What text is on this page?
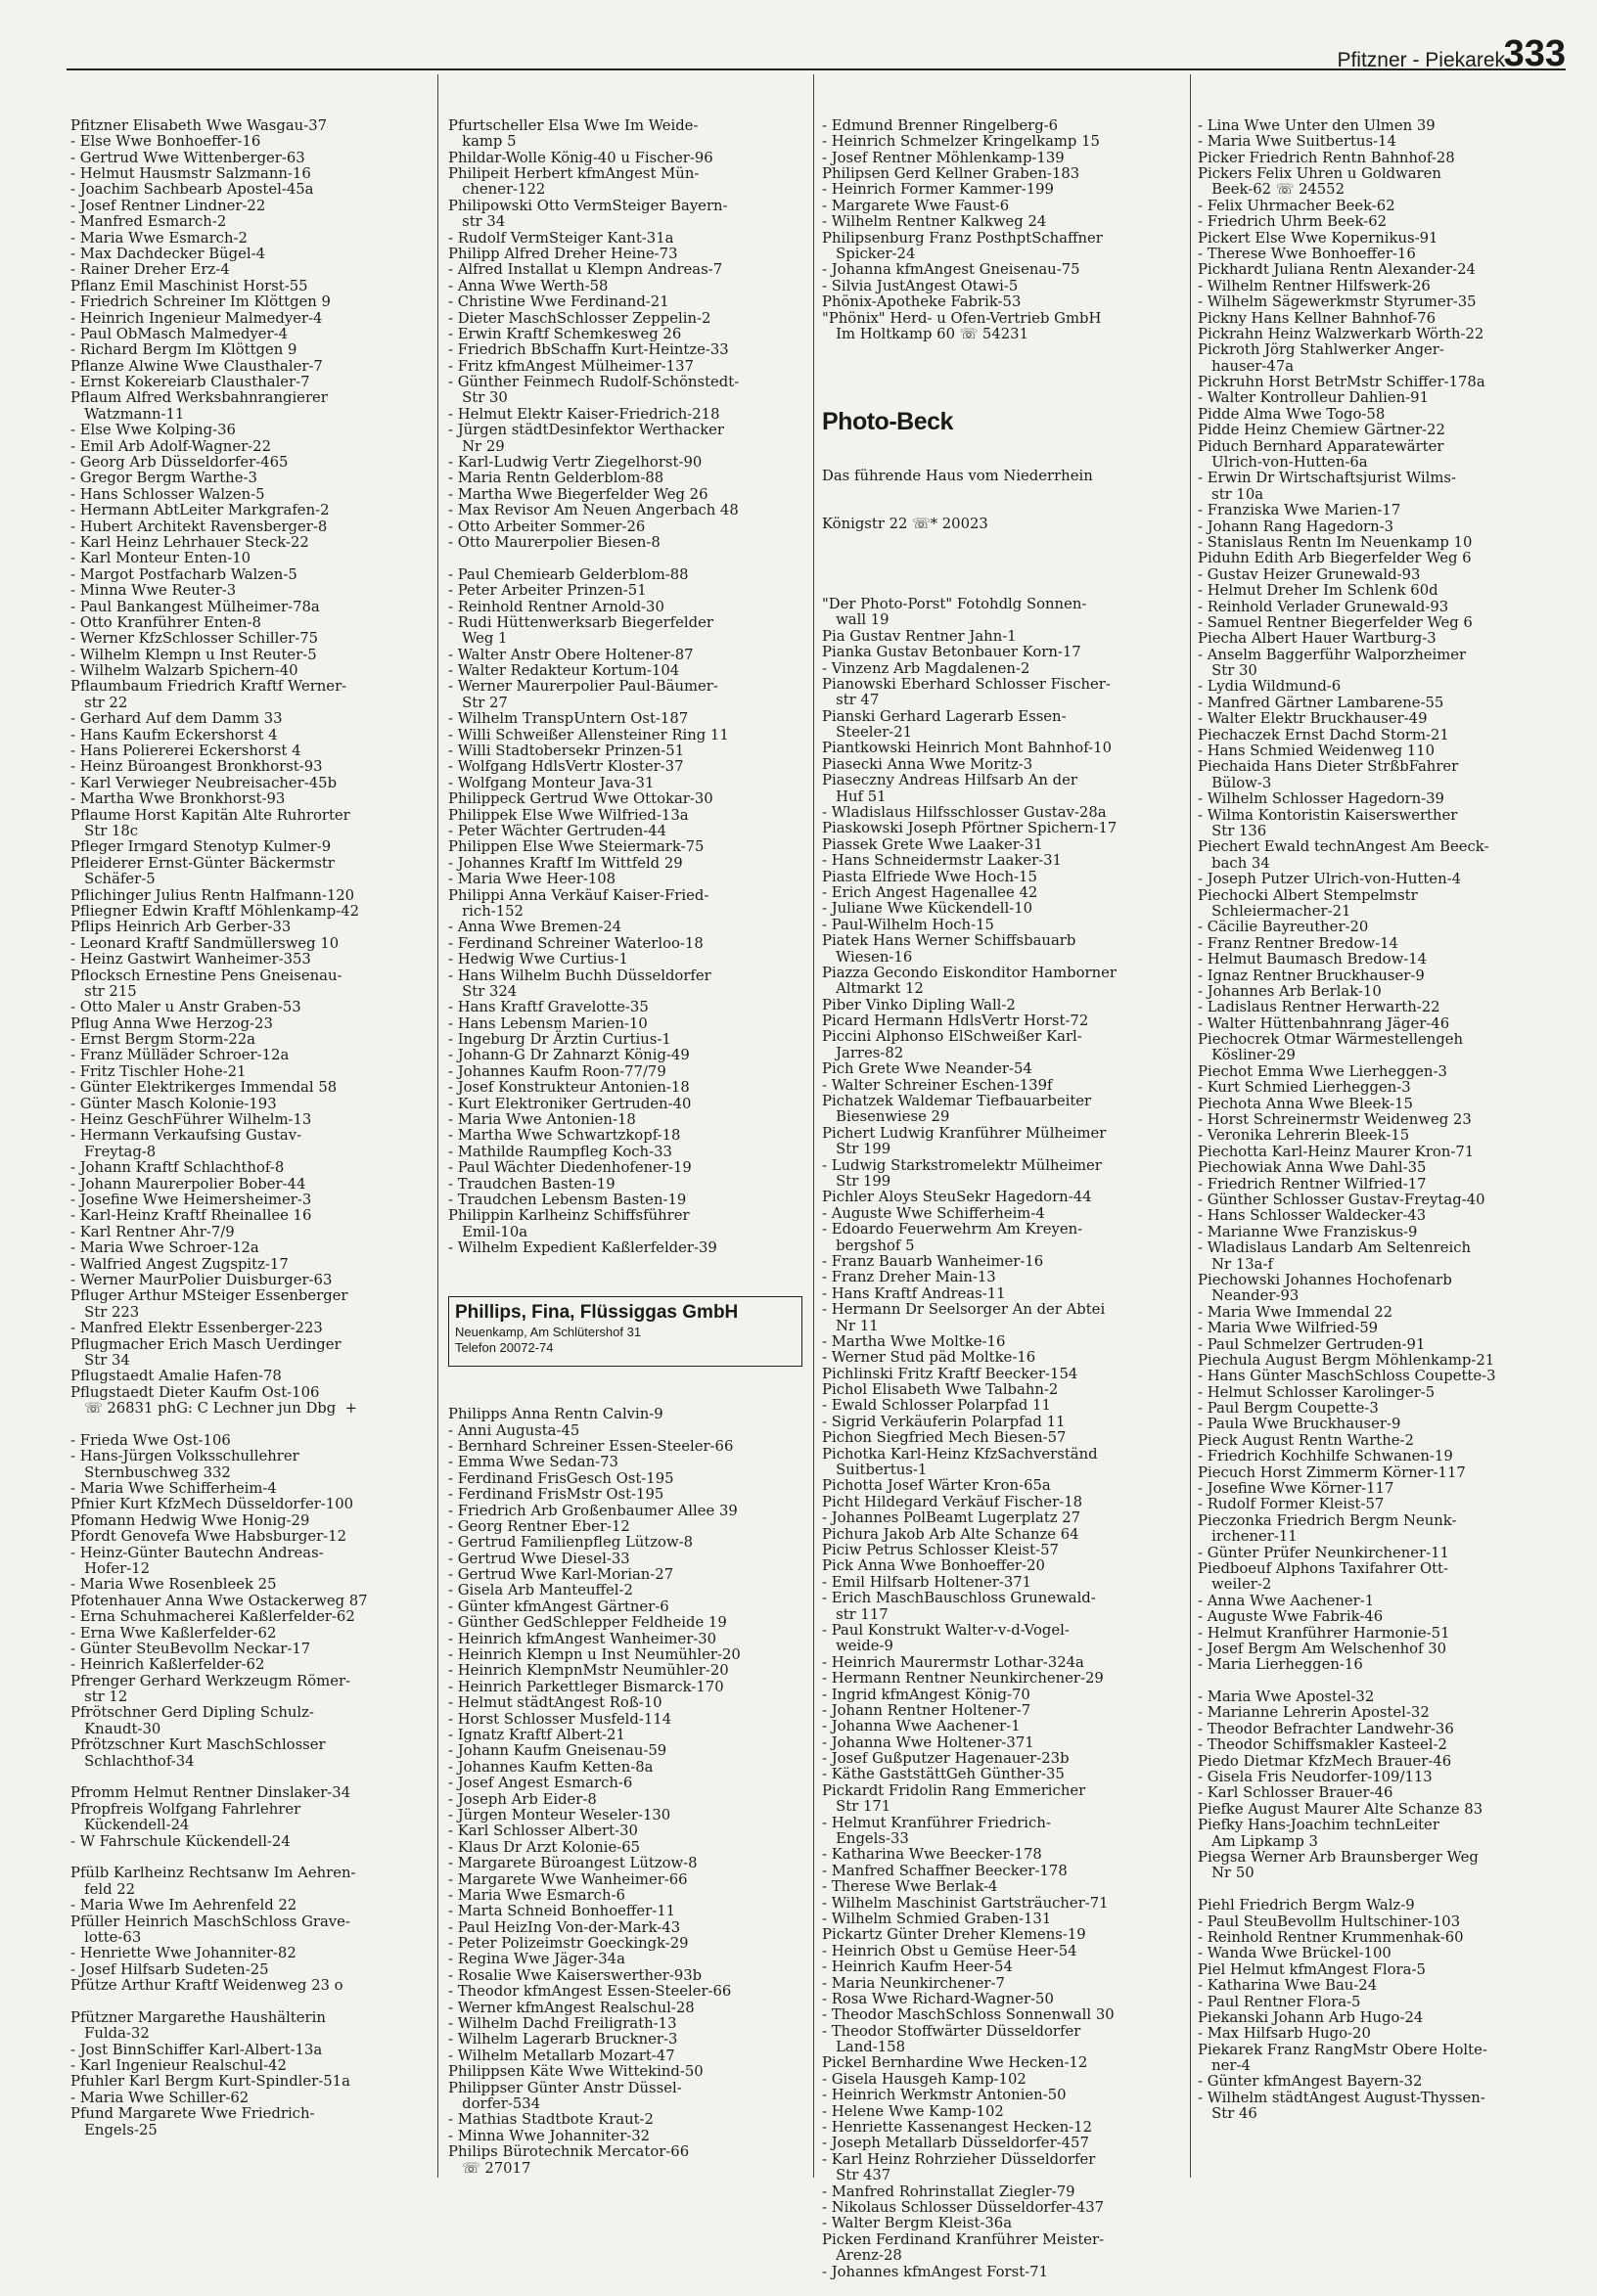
Pfitzner - Piekarek
333

Pfitzner Elisabeth Wwe Wasgau-37
- Else Wwe Bonhoeffer-16
- Gertrud Wwe Wittenberger-63
- Helmut Hausmstr Salzmann-16
- Joachim Sachbearb Apostel-45a
- Josef Rentner Lindner-22
- Manfred Esmarch-2
- Maria Wwe Esmarch-2
- Max Dachdecker Bügel-4
- Rainer Dreher Erz-4
Pflanz Emil Maschinist Horst-55
- Friedrich Schreiner Im Klöttgen 9
- Heinrich Ingenieur Malmedyer-4
- Paul ObMasch Malmedyer-4
- Richard Bergm Im Klöttgen 9
Pflanze Alwine Wwe Clausthaler-7
- Ernst Kokereiarb Clausthaler-7
Pflaum Alfred Werksbahnrangierer
Watzmann-11
- Else Wwe Kolping-36
- Emil Arb Adolf-Wagner-22
- Georg Arb Düsseldorfer-465
- Gregor Bergm Warthe-3
- Hans Schlosser Walzen-5
- Hermann AbtLeiter Markgrafen-2
- Hubert Architekt Ravensberger-8
- Karl Heinz Lehrhauer Steck-22
- Karl Monteur Enten-10
- Margot Postfacharb Walzen-5
- Minna Wwe Reuter-3
- Paul Bankangest Mülheimer-78a
- Otto Kranführer Enten-8
- Werner KfzSchlosser Schiller-75
- Wilhelm Klempn u Inst Reuter-5
- Wilhelm Walzarb Spichern-40
Pflaumbaum Friedrich Kraftf Werner-
str 22
- Gerhard Auf dem Damm 33
- Hans Kaufm Eckershorst 4
- Hans Poliererei Eckershorst 4
- Heinz Büroangest Bronkhorst-93
- Karl Verwieger Neubreisacher-45b
- Martha Wwe Bronkhorst-93
Pflaume Horst Kapitän Alte Ruhrorter
Str 18c
Pfleger Irmgard Stenotyp Kulmer-9
Pfleiderer Ernst-Günter Bäckermstr
Schäfer-5
Pflichinger Julius Rentn Halfmann-120
Pfliegner Edwin Kraftf Möhlenkamp-42
Pflips Heinrich Arb Gerber-33
- Leonard Kraftf Sandmüllersweg 10
- Heinz Gastwirt Wanheimer-353
Pflocksch Ernestine Pens Gneisenau-
str 215
- Otto Maler u Anstr Graben-53
Pflug Anna Wwe Herzog-23
- Ernst Bergm Storm-22a
- Franz Mülläder Schroer-12a
- Fritz Tischler Hohe-21
- Günter Elektrikerges Immendal 58
- Günter Masch Kolonie-193
- Heinz GeschFührer Wilhelm-13
- Hermann Verkaufsing Gustav-
Freytag-8
- Johann Kraftf Schlachthof-8
- Johann Maurerpolier Bober-44
- Josefine Wwe Heimersheimer-3
- Karl-Heinz Kraftf Rheinallee 16
- Karl Rentner Ahr-7/9
- Maria Wwe Schroer-12a
- Walfried Angest Zugspitz-17
- Werner MaurPolier Duisburger-63
Pfluger Arthur MSteiger Essenberger
Str 223
- Manfred Elektr Essenberger-223
Pflugmacher Erich Masch Uerdinger
Str 34
Pflugstaedt Amalie Hafen-78
Pflugstaedt Dieter Kaufm Ost-106
☏ 26831 phG: C Lechner jun Dbg  +
- Frieda Wwe Ost-106
- Hans-Jürgen Volksschullehrer
Sternbuschweg 332
- Maria Wwe Schifferheim-4
Pfnier Kurt KfzMech Düsseldorfer-100
Pfomann Hedwig Wwe Honig-29
Pfordt Genovefa Wwe Habsburger-12
- Heinz-Günter Bautechn Andreas-
Hofer-12
- Maria Wwe Rosenbleek 25
Pfotenhauer Anna Wwe Ostackerweg 87
- Erna Schuhmacherei Kaßlerfelder-62
- Erna Wwe Kaßlerfelder-62
- Günter SteuBevollm Neckar-17
- Heinrich Kaßlerfelder-62
Pfrenger Gerhard Werkzeugm Römer-
str 12
Pfrötschner Gerd Dipling Schulz-
Knaudt-30
Pfrötzschner Kurt MaschSchlosser
Schlachthof-34
Pfromm Helmut Rentner Dinslaker-34
Pfropfreis Wolfgang Fahrlehrer
Kückendell-24
- W Fahrschule Kückendell-24
Pfülb Karlheinz Rechtsanw Im Aehren-
feld 22
- Maria Wwe Im Aehrenfeld 22
Pfüller Heinrich MaschSchloss Grave-
lotte-63
- Henriette Wwe Johanniter-82
- Josef Hilfsarb Sudeten-25
Pfütze Arthur Kraftf Weidenweg 23 o
Pfützner Margarethe Haushälterin
Fulda-32
- Jost BinnSchiffer Karl-Albert-13a
- Karl Ingenieur Realschul-42
Pfuhler Karl Bergm Kurt-Spindler-51a
- Maria Wwe Schiller-62
Pfund Margarete Wwe Friedrich-
Engels-25

Pfurtscheller Elsa Wwe Im Weide-
kamp 5
Phildar-Wolle König-40 u Fischer-96
Philipeit Herbert kfmAngest Mün-
chener-122
Philipowski Otto VermSteiger Bayern-
str 34
- Rudolf VermSteiger Kant-31a
Philipp Alfred Dreher Heine-73
- Alfred Installat u Klempn Andreas-7
- Anna Wwe Werth-58
- Christine Wwe Ferdinand-21
- Dieter MaschSchlosser Zeppelin-2
- Erwin Kraftf Schemkesweg 26
- Friedrich BbSchaffn Kurt-Heintze-33
- Fritz kfmAngest Mülheimer-137
- Günther Feinmech Rudolf-Schönstedt-
Str 30
- Helmut Elektr Kaiser-Friedrich-218
- Jürgen städtDesinfektor Werthacker
Nr 29
- Karl-Ludwig Vertr Ziegelhorst-90
- Maria Rentn Gelderblom-88
- Martha Wwe Biegerfelder Weg 26
- Max Revisor Am Neuen Angerbach 48
- Otto Arbeiter Sommer-26
- Otto Maurerpolier Biesen-8
- Paul Chemiearb Gelderblom-88
- Peter Arbeiter Prinzen-51
- Reinhold Rentner Arnold-30
- Rudi Hüttenwerksarb Biegerfelder
Weg 1
- Walter Anstr Obere Holtener-87
- Walter Redakteur Kortum-104
- Werner Maurerpolier Paul-Bäumer-
Str 27
- Wilhelm TranspUntern Ost-187
- Willi Schweißer Allensteiner Ring 11
- Willi Stadtobersekr Prinzen-51
- Wolfgang HdlsVertr Kloster-37
- Wolfgang Monteur Java-31
Philippeck Gertrud Wwe Ottokar-30
Philippek Else Wwe Wilfried-13a
- Peter Wächter Gertruden-44
Philippen Else Wwe Steiermark-75
- Johannes Kraftf Im Wittfeld 29
- Maria Wwe Heer-108
Philippi Anna Verkäuf Kaiser-Fried-
rich-152
- Anna Wwe Bremen-24
- Ferdinand Schreiner Waterloo-18
- Hedwig Wwe Curtius-1
- Hans Wilhelm Buchh Düsseldorfer
Str 324
- Hans Kraftf Gravelotte-35
- Hans Lebensm Marien-10
- Ingeburg Dr Ärztin Curtius-1
- Johann-G Dr Zahnarzt König-49
- Johannes Kaufm Roon-77/79
- Josef Konstrukteur Antonien-18
- Kurt Elektroniker Gertruden-40
- Maria Wwe Antonien-18
- Martha Wwe Schwartzkopf-18
- Mathilde Raumpfleg Koch-33
- Paul Wächter Diedenhofener-19
- Traudchen Basten-19
- Traudchen Lebensm Basten-19
Philippin Karlheinz Schiffsführer
Emil-10a
- Wilhelm Expedient Kaßlerfelder-39

Phillips, Fina, Flüssiggas GmbH
Neuenkamp, Am Schlütershof 31
Telefon 20072-74

Philipps Anna Rentn Calvin-9
- Anni Augusta-45
- Bernhard Schreiner Essen-Steeler-66
- Emma Wwe Sedan-73
- Ferdinand FrisGesch Ost-195
- Ferdinand FrisMstr Ost-195
- Friedrich Arb Großenbaumer Allee 39
- Georg Rentner Eber-12
- Gertrud Familienpfleg Lützow-8
- Gertrud Wwe Diesel-33
- Gertrud Wwe Karl-Morian-27
- Gisela Arb Manteuffel-2
- Günter kfmAngest Gärtner-6
- Günther GedSchlepper Feldheide 19
- Heinrich kfmAngest Wanheimer-30
- Heinrich Klempn u Inst Neumühler-20
- Heinrich KlempnMstr Neumühler-20
- Heinrich Parkettleger Bismarck-170
- Helmut städtAngest Roß-10
- Horst Schlosser Musfeld-114
- Ignatz Kraftf Albert-21
- Johann Kaufm Gneisenau-59
- Johannes Kaufm Ketten-8a
- Josef Angest Esmarch-6
- Joseph Arb Eider-8
- Jürgen Monteur Weseler-130
- Karl Schlosser Albert-30
- Klaus Dr Arzt Kolonie-65
- Margarete Büroangest Lützow-8
- Margarete Wwe Wanheimer-66
- Maria Wwe Esmarch-6
- Marta Schneid Bonhoeffer-11
- Paul HeizIng Von-der-Mark-43
- Peter Polizeimstr Goeckingk-29
- Regina Wwe Jäger-34a
- Rosalie Wwe Kaiserswerther-93b
- Theodor kfmAngest Essen-Steeler-66
- Werner kfmAngest Realschul-28
- Wilhelm Dachd Freiligrath-13
- Wilhelm Lagerarb Bruckner-3
- Wilhelm Metallarb Mozart-47
Philippsen Käte Wwe Wittekind-50
Philippser Günter Anstr Düssel-
dorfer-534
- Mathias Stadtbote Kraut-2
- Minna Wwe Johanniter-32
Philips Bürotechnik Mercator-66
☏ 27017

- Edmund Brenner Ringelberg-6
- Heinrich Schmelzer Kringelkamp 15
- Josef Rentner Möhlenkamp-139
Philipsen Gerd Kellner Graben-183
- Heinrich Former Kammer-199
- Margarete Wwe Faust-6
- Wilhelm Rentner Kalkweg 24
Philipsenburg Franz PosthptSchaffner
Spicker-24
- Johanna kfmAngest Gneisenau-75
- Silvia JustAngest Otawi-5
Phönix-Apotheke Fabrik-53
"Phönix" Herd- u Ofen-Vertrieb GmbH
Im Holtkamp 60 ☏ 54231

Photo-Beck

Das führende Haus vom Niederrhein

Königstr 22 ☏* 20023

"Der Photo-Porst" Fotohdlg Sonnen-
wall 19
Pia Gustav Rentner Jahn-1
Pianka Gustav Betonbauer Korn-17
- Vinzenz Arb Magdalenen-2
Pianowski Eberhard Schlosser Fischer-
str 47
Pianski Gerhard Lagerarb Essen-
Steeler-21
Piantkowski Heinrich Mont Bahnhof-10
Piasecki Anna Wwe Moritz-3
Piaseczny Andreas Hilfsarb An der
Huf 51
- Wladislaus Hilfsschlosser Gustav-28a
Piaskowski Joseph Pförtner Spichern-17
Piassek Grete Wwe Laaker-31
- Hans Schneidermstr Laaker-31
Piasta Elfriede Wwe Hoch-15
- Erich Angest Hagenallee 42
- Juliane Wwe Kückendell-10
- Paul-Wilhelm Hoch-15
Piatek Hans Werner Schiffsbauarb
Wiesen-16
Piazza Gecondo Eiskonditor Hamborner
Altmarkt 12
Piber Vinko Dipling Wall-2
Picard Hermann HdlsVertr Horst-72
Piccini Alphonso ElSchweißer Karl-
Jarres-82
Pich Grete Wwe Neander-54
- Walter Schreiner Eschen-139f
Pichatzek Waldemar Tiefbauarbeiter
Biesenwiese 29
Pichert Ludwig Kranführer Mülheimer
Str 199
- Ludwig Starkstromelektr Mülheimer
Str 199
Pichler Aloys SteuSekr Hagedorn-44
- Auguste Wwe Schifferheim-4
- Edoardo Feuerwehrm Am Kreyen-
bergshof 5
- Franz Bauarb Wanheimer-16
- Franz Dreher Main-13
- Hans Kraftf Andreas-11
- Hermann Dr Seelsorger An der Abtei
Nr 11
- Martha Wwe Moltke-16
- Werner Stud päd Moltke-16
Pichlinski Fritz Kraftf Beecker-154
Pichol Elisabeth Wwe Talbahn-2
- Ewald Schlosser Polarpfad 11
- Sigrid Verkäuferin Polarpfad 11
Pichon Siegfried Mech Biesen-57
Pichotka Karl-Heinz KfzSachverständ
Suitbertus-1
Pichotta Josef Wärter Kron-65a
Picht Hildegard Verkäuf Fischer-18
- Johannes PolBeamt Lugerplatz 27
Pichura Jakob Arb Alte Schanze 64
Piciw Petrus Schlosser Kleist-57
Pick Anna Wwe Bonhoeffer-20
- Emil Hilfsarb Holtener-371
- Erich MaschBauschloss Grunewald-
str 117
- Paul Konstrukt Walter-v-d-Vogel-
weide-9
- Heinrich Maurermstr Lothar-324a
- Hermann Rentner Neunkirchener-29
- Ingrid kfmAngest König-70
- Johann Rentner Holtener-7
- Johanna Wwe Aachener-1
- Johanna Wwe Holtener-371
- Josef Gußputzer Hagenauer-23b
- Käthe GaststättGeh Günther-35
Pickardt Fridolin Rang Emmericher
Str 171
- Helmut Kranführer Friedrich-
Engels-33
- Katharina Wwe Beecker-178
- Manfred Schaffner Beecker-178
- Therese Wwe Berlak-4
- Wilhelm Maschinist Gartsträucher-71
- Wilhelm Schmied Graben-131
Pickartz Günter Dreher Klemens-19
- Heinrich Obst u Gemüse Heer-54
- Heinrich Kaufm Heer-54
- Maria Neunkirchener-7
- Rosa Wwe Richard-Wagner-50
- Theodor MaschSchloss Sonnenwall 30
- Theodor Stoffwärter Düsseldorfer
Land-158
Pickel Bernhardine Wwe Hecken-12
- Gisela Hausgeh Kamp-102
- Heinrich Werkmstr Antonien-50
- Helene Wwe Kamp-102
- Henriette Kassenangest Hecken-12
- Joseph Metallarb Düsseldorfer-457
- Karl Heinz Rohrzieher Düsseldorfer
Str 437
- Manfred Rohrinstallat Ziegler-79
- Nikolaus Schlosser Düsseldorfer-437
- Walter Bergm Kleist-36a
Picken Ferdinand Kranführer Meister-
Arenz-28
- Johannes kfmAngest Forst-71

- Lina Wwe Unter den Ulmen 39
- Maria Wwe Suitbertus-14
Picker Friedrich Rentn Bahnhof-28
Pickers Felix Uhren u Goldwaren
Beek-62 ☏ 24552
- Felix Uhrmacher Beek-62
- Friedrich Uhrm Beek-62
Pickert Else Wwe Kopernikus-91
- Therese Wwe Bonhoeffer-16
Pickhardt Juliana Rentn Alexander-24
- Wilhelm Rentner Hilfswerk-26
- Wilhelm Sägewerkmstr Styrumer-35
Pickny Hans Kellner Bahnhof-76
Pickrahn Heinz Walzwerkarb Wörth-22
Pickroth Jörg Stahlwerker Anger-
hauser-47a
Pickruhn Horst BetrMstr Schiffer-178a
- Walter Kontrolleur Dahlien-91
Pidde Alma Wwe Togo-58
Pidde Heinz Chemiew Gärtner-22
Piduch Bernhard Apparatewärter
Ulrich-von-Hutten-6a
- Erwin Dr Wirtschaftsjurist Wilms-
str 10a
- Franziska Wwe Marien-17
- Johann Rang Hagedorn-3
- Stanislaus Rentn Im Neuenkamp 10
Piduhn Edith Arb Biegerfelder Weg 6
- Gustav Heizer Grunewald-93
- Helmut Dreher Im Schlenk 60d
- Reinhold Verlader Grunewald-93
- Samuel Rentner Biegerfelder Weg 6
Piecha Albert Hauer Wartburg-3
- Anselm Baggerführ Walporzheimer
Str 30
- Lydia Wildmund-6
- Manfred Gärtner Lambarene-55
- Walter Elektr Bruckhauser-49
Piechaczek Ernst Dachd Storm-21
- Hans Schmied Weidenweg 110
Piechaida Hans Dieter StrßbFahrer
Bülow-3
- Wilhelm Schlosser Hagedorn-39
- Wilma Kontoristin Kaiserswerther
Str 136
Piechert Ewald technAngest Am Beeck-
bach 34
- Joseph Putzer Ulrich-von-Hutten-4
Piechocki Albert Stempelmstr
Schleiermacher-21
- Cäcilie Bayreuther-20
- Franz Rentner Bredow-14
- Helmut Baumasch Bredow-14
- Ignaz Rentner Bruckhauser-9
- Johannes Arb Berlak-10
- Ladislaus Rentner Herwarth-22
- Walter Hüttenbahnrang Jäger-46
Piechocrek Otmar Wärmestellengeh
Kösliner-29
Piechot Emma Wwe Lierheggen-3
- Kurt Schmied Lierheggen-3
Piechota Anna Wwe Bleek-15
- Horst Schreinermstr Weidenweg 23
- Veronika Lehrerin Bleek-15
Piechotta Karl-Heinz Maurer Kron-71
Piechowiak Anna Wwe Dahl-35
- Friedrich Rentner Wilfried-17
- Günther Schlosser Gustav-Freytag-40
- Hans Schlosser Waldecker-43
- Marianne Wwe Franziskus-9
- Wladislaus Landarb Am Seltenreich
Nr 13a-f
Piechowski Johannes Hochofenarb
Neander-93
- Maria Wwe Immendal 22
- Maria Wwe Wilfried-59
- Paul Schmelzer Gertruden-91
Piechula August Bergm Möhlenkamp-21
- Hans Günter MaschSchloss Coupette-3
- Helmut Schlosser Karolinger-5
- Paul Bergm Coupette-3
- Paula Wwe Bruckhauser-9
Pieck August Rentn Warthe-2
- Friedrich Kochhilfe Schwanen-19
Piecuch Horst Zimmerm Körner-117
- Josefine Wwe Körner-117
- Rudolf Former Kleist-57
Pieczonka Friedrich Bergm Neunk-
irchener-11
- Günter Prüfer Neunkirchener-11
Piedboeuf Alphons Taxifahrer Ott-
weiler-2
- Anna Wwe Aachener-1
- Auguste Wwe Fabrik-46
- Helmut Kranführer Harmonie-51
- Josef Bergm Am Welschenhof 30
- Maria Lierheggen-16
- Maria Wwe Apostel-32
- Marianne Lehrerin Apostel-32
- Theodor Befrachter Landwehr-36
- Theodor Schiffsmakler Kasteel-2
Piedo Dietmar KfzMech Brauer-46
- Gisela Fris Neudorfer-109/113
- Karl Schlosser Brauer-46
Piefke August Maurer Alte Schanze 83
Piefky Hans-Joachim technLeiter
Am Lipkamp 3
Piegsa Werner Arb Braunsberger Weg
Nr 50
Piehl Friedrich Bergm Walz-9
- Paul SteuBevollm Hultschiner-103
- Reinhold Rentner Krummenhak-60
- Wanda Wwe Brückel-100
Piel Helmut kfmAngest Flora-5
- Katharina Wwe Bau-24
- Paul Rentner Flora-5
Piekanski Johann Arb Hugo-24
- Max Hilfsarb Hugo-20
Piekarek Franz RangMstr Obere Holte-
ner-4
- Günter kfmAngest Bayern-32
- Wilhelm städtAngest August-Thyssen-
Str 46
